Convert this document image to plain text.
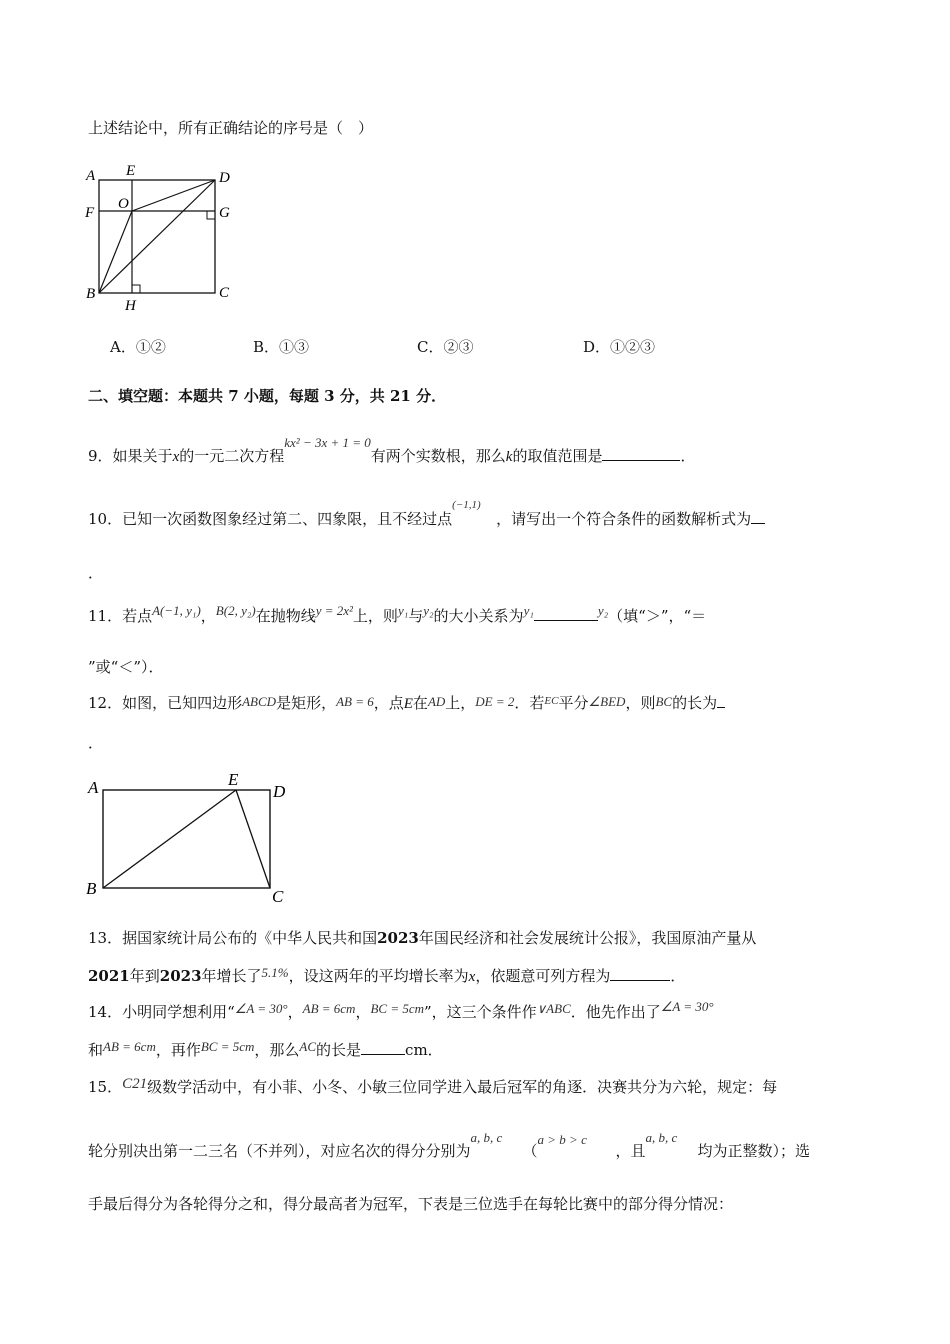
上述结论中，所有正确结论的序号是（　）
A E	D
F
O
G
B
H
C
A．①②	B．①③	C．②③	D．①②③
二、填空题：本题共 7 小题，每题 3 分，共 21 分．
9．如果关于x的一元二次方程kx² − 3x + 1 = 0有两个实数根，那么k的取值范围是	．
10．已知一次函数图象经过第二、四象限，且不经过点(−1,1)，请写出一个符合条件的函数解析式为
．
11．若点A(−1, y₁)，B(2, y₂)在抛物线y = 2x²上，则y₁与y₂的大小关系为y₁	y₂（填“＞”，“＝
”或“＜”）．
12．如图，已知四边形ABCD是矩形，AB = 6，点E在AD上，DE = 2．若$^{EC}$平分∠BED，则BC的长为
．
A	E
D
B	C
13．据国家统计局公布的《中华人民共和国2023年国民经济和社会发展统计公报》，我国原油产量从
2021年到2023年增长了5.1%，设这两年的平均增长率为x，依题意可列方程为	．
14．小明同学想利用“∠A = 30°，AB = 6cm，BC = 5cm”，这三个条件作∨ABC．他先作出了∠A = 30°
和AB = 6cm，再作BC = 5cm，那么AC的长是	cm．
15．C21级数学活动中，有小菲、小冬、小敏三位同学进入最后冠军的角逐．决赛共分为六轮，规定：每
轮分别决出第一二三名（不并列），对应名次的得分分别为a, b, c（a > b > c，且a, b, c均为正整数）；选
手最后得分为各轮得分之和，得分最高者为冠军，下表是三位选手在每轮比赛中的部分得分情况：
